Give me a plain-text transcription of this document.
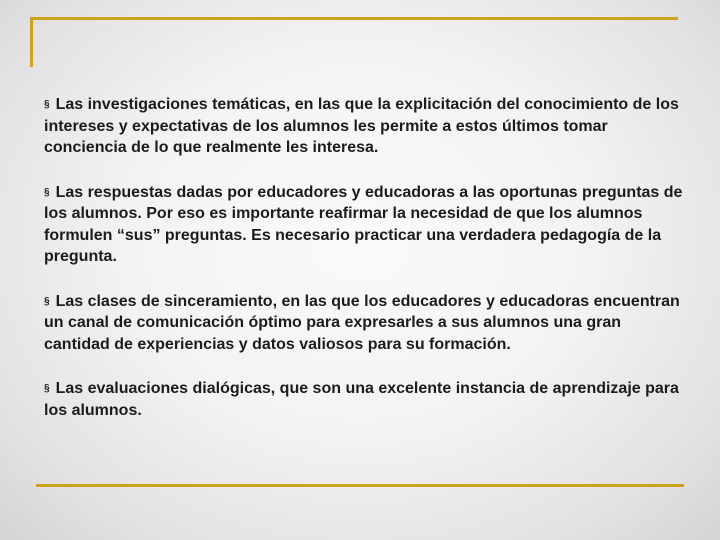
§ Las investigaciones temáticas, en las que la explicitación del conocimiento de los intereses y expectativas de los alumnos les permite a estos últimos tomar conciencia de lo que realmente les interesa.

§ Las respuestas dadas por educadores y educadoras a las oportunas preguntas de los alumnos. Por eso es importante reafirmar la necesidad de que los alumnos formulen “sus” preguntas. Es necesario practicar una verdadera pedagogía de la pregunta.

§ Las clases de sinceramiento, en las que los educadores y educadoras encuentran un canal de comunicación óptimo para expresarles a sus alumnos una gran cantidad de experiencias y datos valiosos para su formación.

§ Las evaluaciones dialógicas, que son una excelente instancia de aprendizaje para los alumnos.
